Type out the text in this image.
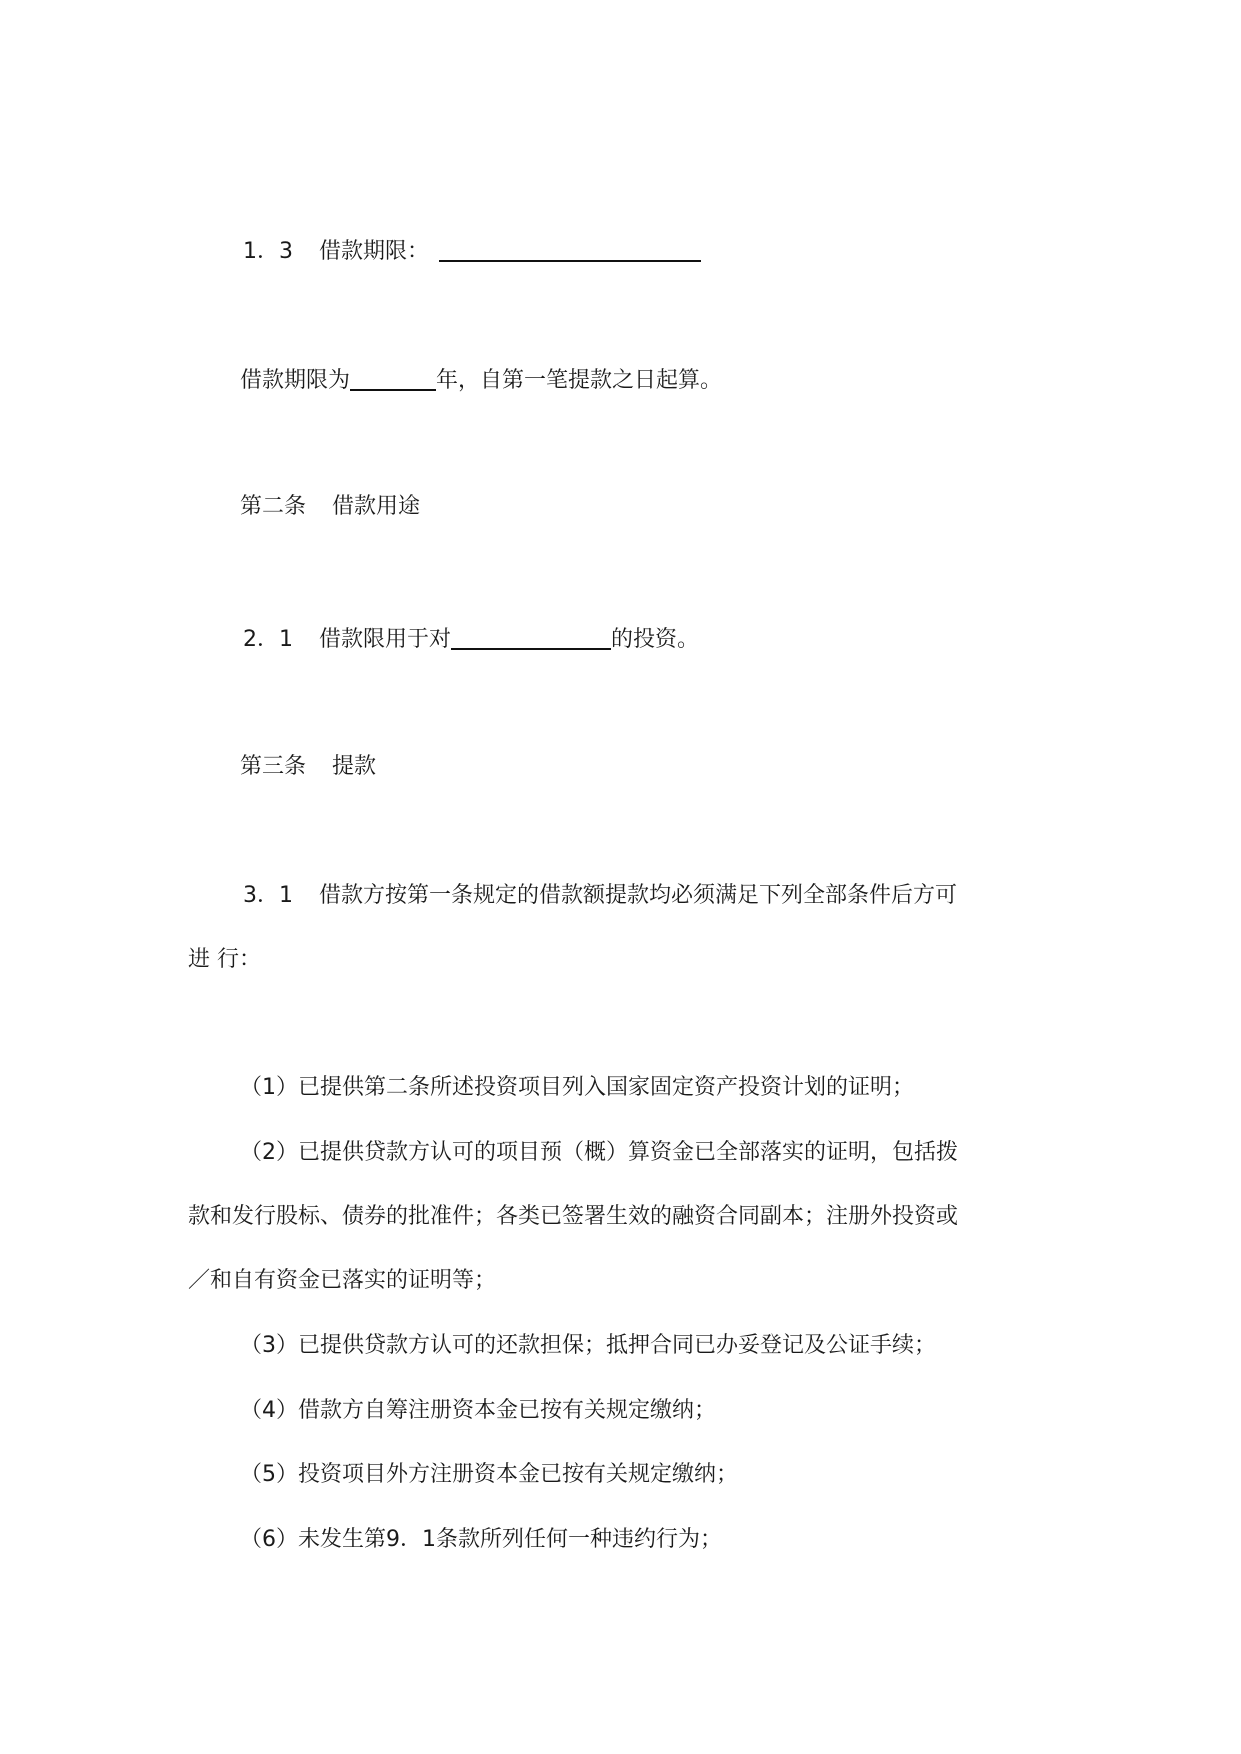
1．3 借款期限：
借款期限为	年，自第一笔提款之日起算。
第二条 借款用途
2．1 借款限用于对	的投资。
第三条 提款
3．1 借款方按第一条规定的借款额提款均必须满足下列全部条件后方可
进 行：
（1）已提供第二条所述投资项目列入国家固定资产投资计划的证明；
（2）已提供贷款方认可的项目预（概）算资金已全部落实的证明，包括拨
款和发行股标、债券的批准件；各类已签署生效的融资合同副本；注册外投资或
／和自有资金已落实的证明等；
（3）已提供贷款方认可的还款担保；抵押合同已办妥登记及公证手续；
（4）借款方自筹注册资本金已按有关规定缴纳；
（5）投资项目外方注册资本金已按有关规定缴纳；
（6）未发生第9．1条款所列任何一种违约行为；
